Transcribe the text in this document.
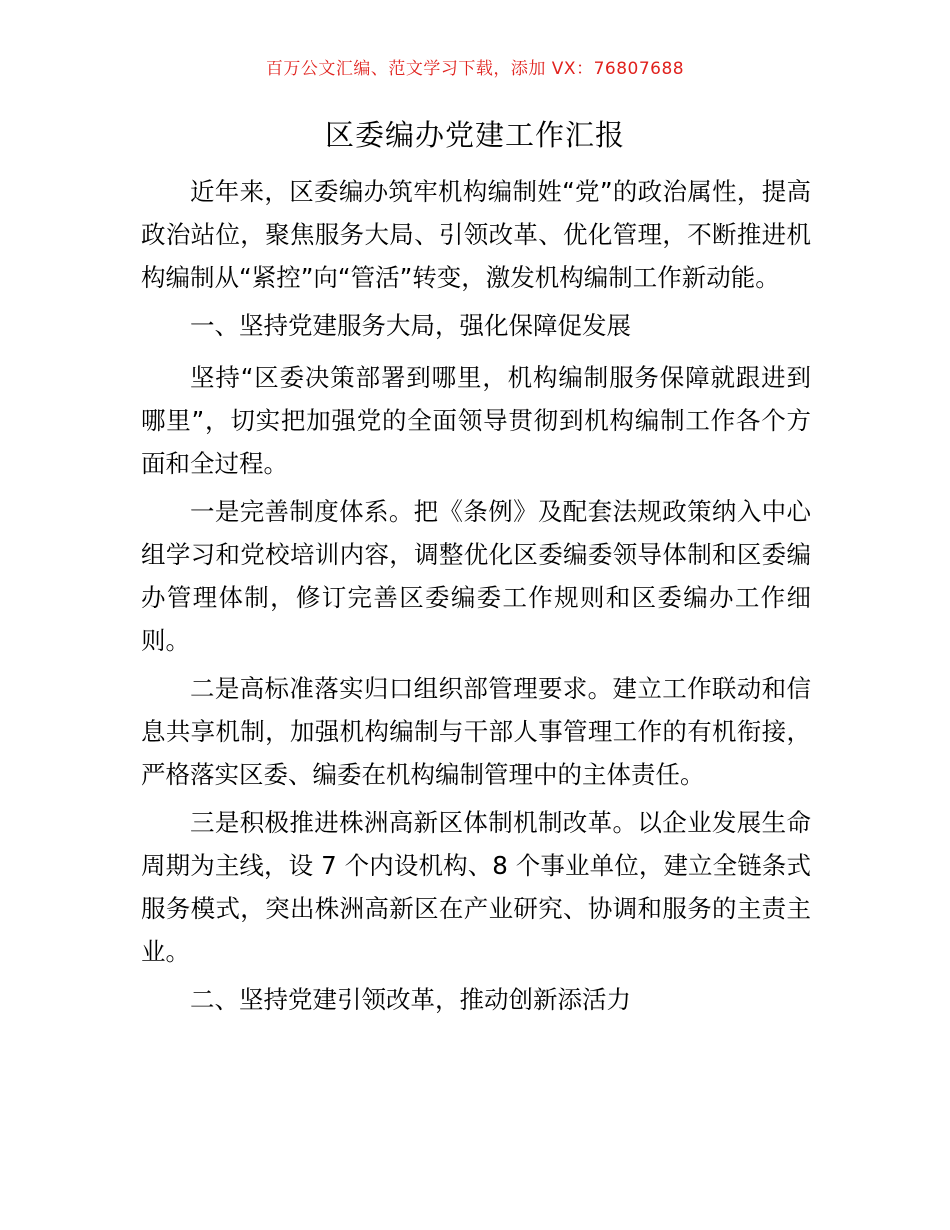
百万公文汇编、范文学习下载，添加 VX：76807688
区委编办党建工作汇报

近年来，区委编办筑牢机构编制姓“党”的政治属性，提高政治站位，聚焦服务大局、引领改革、优化管理，不断推进机构编制从“紧控”向“管活”转变，激发机构编制工作新动能。

一、坚持党建服务大局，强化保障促发展

坚持“区委决策部署到哪里，机构编制服务保障就跟进到哪里”，切实把加强党的全面领导贯彻到机构编制工作各个方面和全过程。

一是完善制度体系。把《条例》及配套法规政策纳入中心组学习和党校培训内容，调整优化区委编委领导体制和区委编办管理体制，修订完善区委编委工作规则和区委编办工作细则。

二是高标准落实归口组织部管理要求。建立工作联动和信息共享机制，加强机构编制与干部人事管理工作的有机衔接，严格落实区委、编委在机构编制管理中的主体责任。

三是积极推进株洲高新区体制机制改革。以企业发展生命周期为主线，设 7 个内设机构、8 个事业单位，建立全链条式服务模式，突出株洲高新区在产业研究、协调和服务的主责主业。

二、坚持党建引领改革，推动创新添活力
